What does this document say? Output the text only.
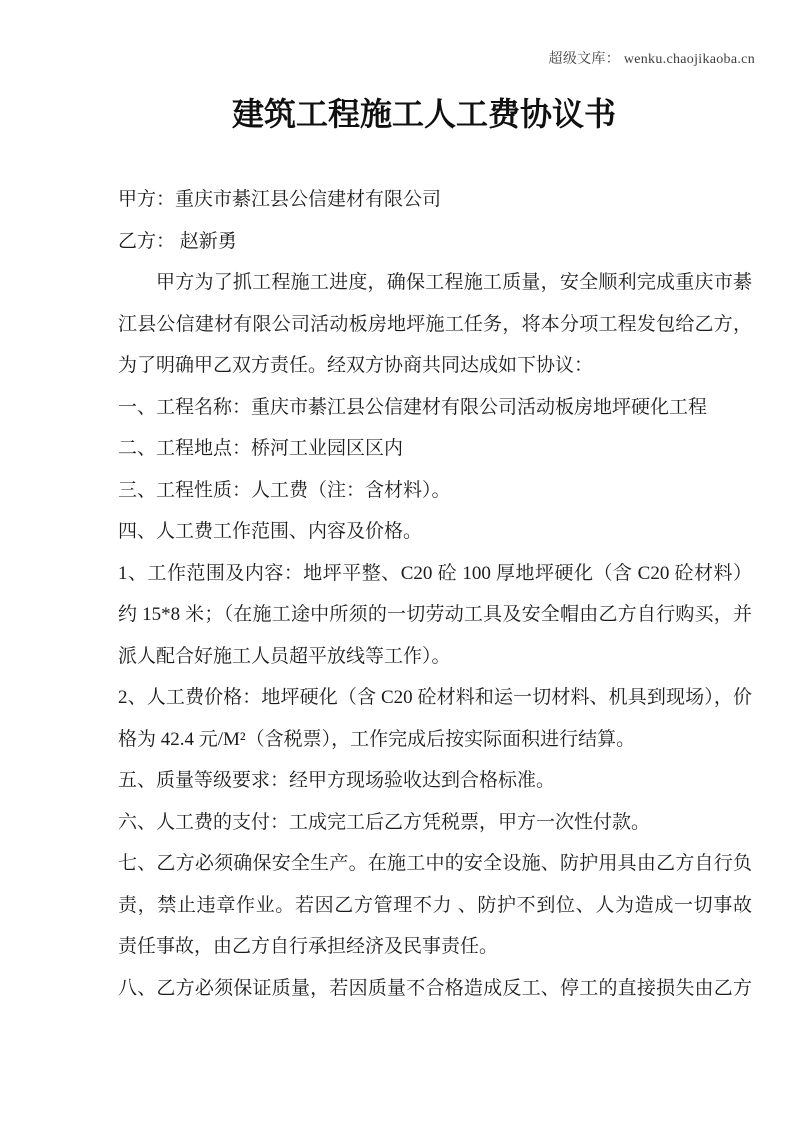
超级文库： wenku.chaojikaoba.cn
建筑工程施工人工费协议书

甲方：重庆市綦江县公信建材有限公司

乙方： 赵新勇

甲方为了抓工程施工进度，确保工程施工质量，安全顺利完成重庆市綦

江县公信建材有限公司活动板房地坪施工任务，将本分项工程发包给乙方，

为了明确甲乙双方责任。经双方协商共同达成如下协议：

一、工程名称：重庆市綦江县公信建材有限公司活动板房地坪硬化工程

二、工程地点：桥河工业园区区内

三、工程性质：人工费（注：含材料）。

四、人工费工作范围、内容及价格。

1、工作范围及内容：地坪平整、C20 砼 100 厚地坪硬化（含 C20 砼材料）

约 15*8 米；（在施工途中所须的一切劳动工具及安全帽由乙方自行购买，并

派人配合好施工人员超平放线等工作）。

2、人工费价格：地坪硬化（含 C20 砼材料和运一切材料、机具到现场），价

格为 42.4 元/M²（含税票），工作完成后按实际面积进行结算。

五、质量等级要求：经甲方现场验收达到合格标准。

六、人工费的支付：工成完工后乙方凭税票，甲方一次性付款。

七、乙方必须确保安全生产。在施工中的安全设施、防护用具由乙方自行负

责，禁止违章作业。若因乙方管理不力 、防护不到位、人为造成一切事故

责任事故，由乙方自行承担经济及民事责任。

八、乙方必须保证质量，若因质量不合格造成反工、停工的直接损失由乙方
